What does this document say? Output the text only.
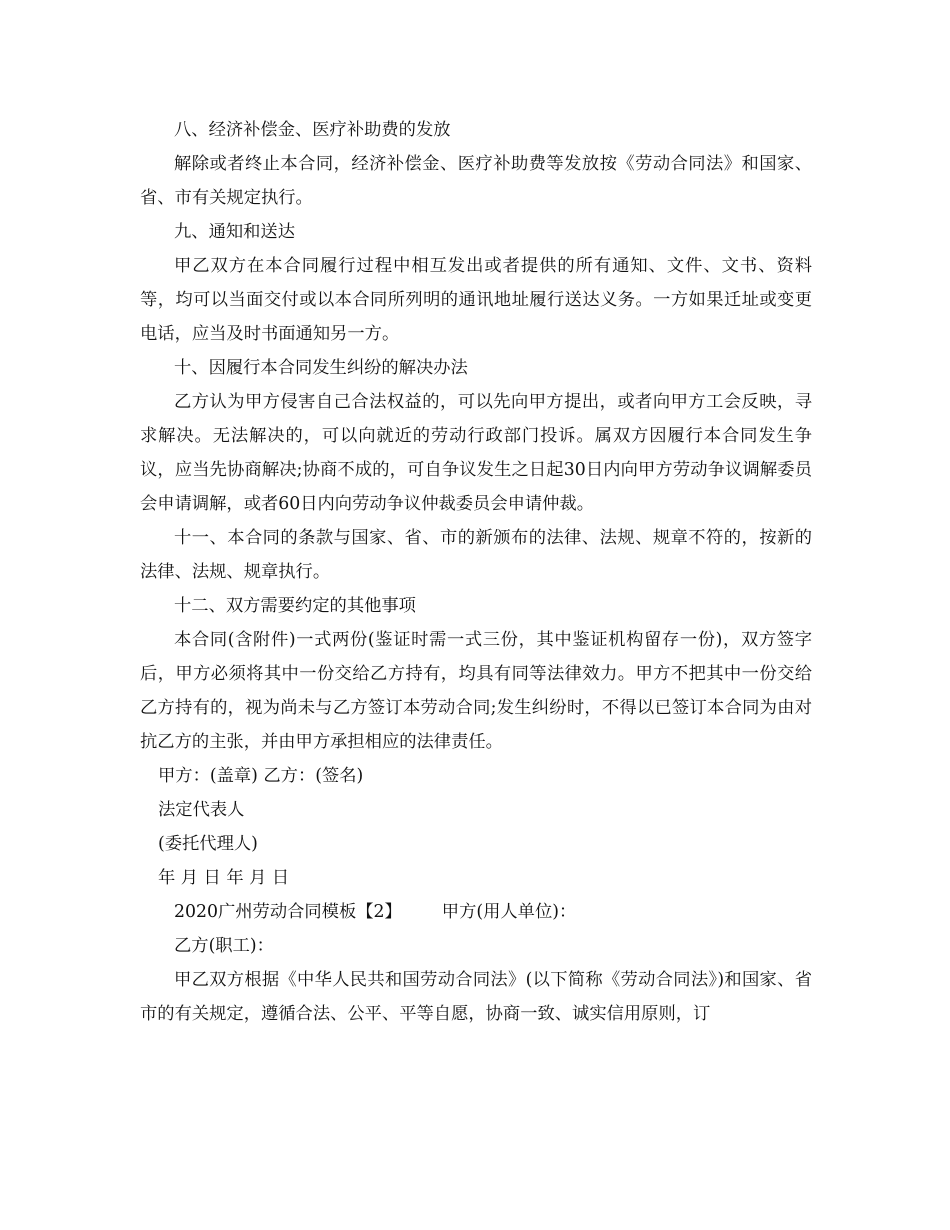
八、经济补偿金、医疗补助费的发放

解除或者终止本合同，经济补偿金、医疗补助费等发放按《劳动合同法》和国家、省、市有关规定执行。

九、通知和送达

甲乙双方在本合同履行过程中相互发出或者提供的所有通知、文件、文书、资料等，均可以当面交付或以本合同所列明的通讯地址履行送达义务。一方如果迁址或变更电话，应当及时书面通知另一方。

十、因履行本合同发生纠纷的解决办法

乙方认为甲方侵害自己合法权益的，可以先向甲方提出，或者向甲方工会反映，寻求解决。无法解决的，可以向就近的劳动行政部门投诉。属双方因履行本合同发生争议，应当先协商解决;协商不成的，可自争议发生之日起30日内向甲方劳动争议调解委员会申请调解，或者60日内向劳动争议仲裁委员会申请仲裁。

十一、本合同的条款与国家、省、市的新颁布的法律、法规、规章不符的，按新的法律、法规、规章执行。

十二、双方需要约定的其他事项

本合同(含附件)一式两份(鉴证时需一式三份，其中鉴证机构留存一份)，双方签字后，甲方必须将其中一份交给乙方持有，均具有同等法律效力。甲方不把其中一份交给乙方持有的，视为尚未与乙方签订本劳动合同;发生纠纷时，不得以已签订本合同为由对抗乙方的主张，并由甲方承担相应的法律责任。

甲方：(盖章) 乙方：(签名)

法定代表人

(委托代理人)

年 月 日 年 月 日

2020广州劳动合同模板【2】 甲方(用人单位)：

乙方(职工)：

甲乙双方根据《中华人民共和国劳动合同法》(以下简称《劳动合同法》)和国家、省市的有关规定，遵循合法、公平、平等自愿，协商一致、诚实信用原则，订
